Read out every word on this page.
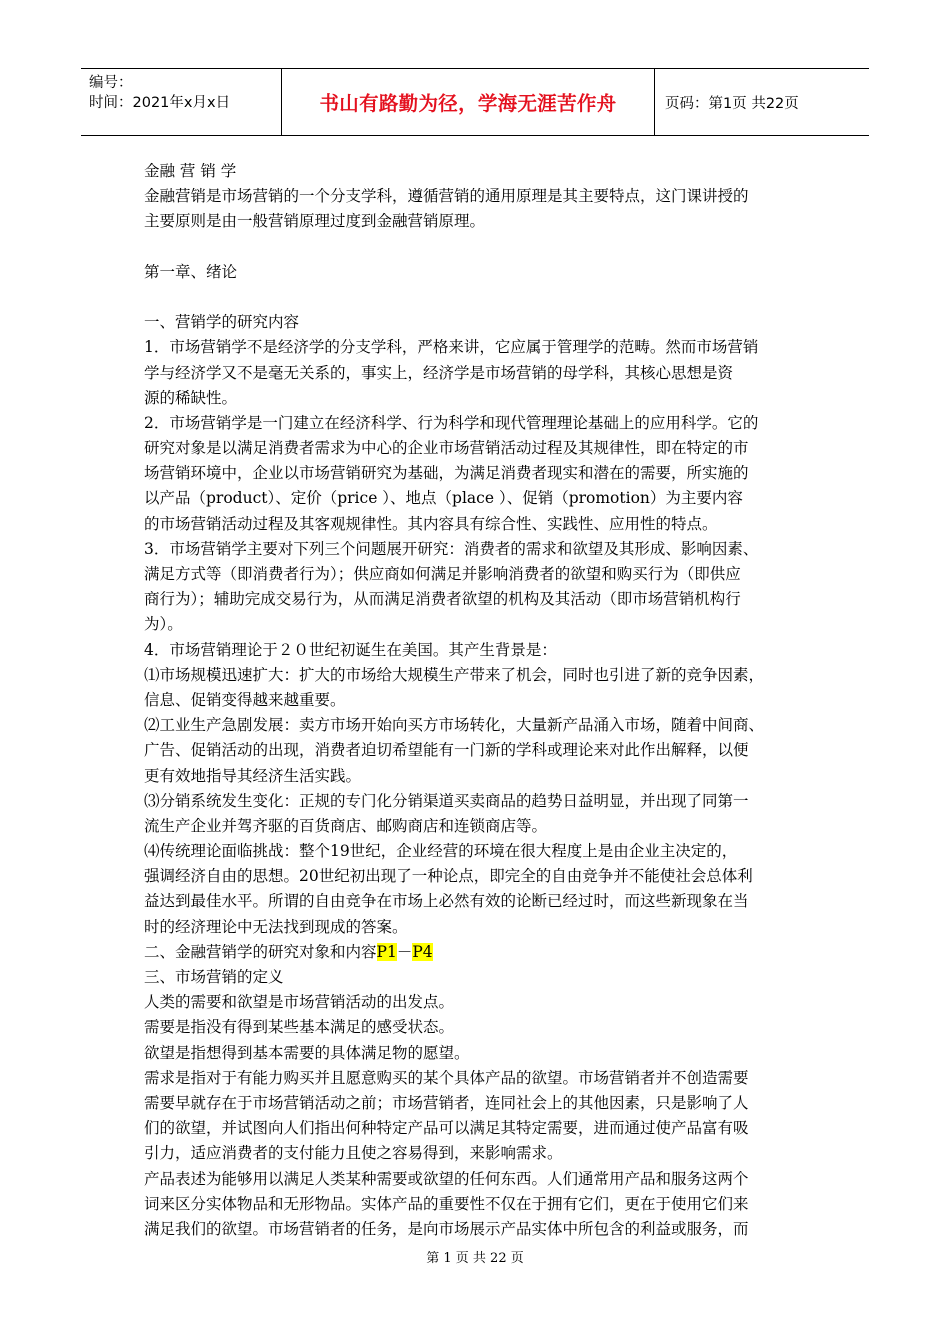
编号：
时间：2021年x月x日	书山有路勤为径，学海无涯苦作舟	页码：第1页 共22页
金融 营 销 学
金融营销是市场营销的一个分支学科，遵循营销的通用原理是其主要特点，这门课讲授的
主要原则是由一般营销原理过度到金融营销原理。
第一章、绪论
一、营销学的研究内容
1．市场营销学不是经济学的分支学科，严格来讲，它应属于管理学的范畴。然而市场营销
学与经济学又不是毫无关系的，事实上，经济学是市场营销的母学科，其核心思想是资
源的稀缺性。
2．市场营销学是一门建立在经济科学、行为科学和现代管理理论基础上的应用科学。它的
研究对象是以满足消费者需求为中心的企业市场营销活动过程及其规律性，即在特定的市
场营销环境中，企业以市场营销研究为基础，为满足消费者现实和潜在的需要，所实施的
以产品（product）、定价（price ）、地点（place ）、促销（promotion）为主要内容
的市场营销活动过程及其客观规律性。其内容具有综合性、实践性、应用性的特点。
3．市场营销学主要对下列三个问题展开研究：消费者的需求和欲望及其形成、影响因素、
满足方式等（即消费者行为）；供应商如何满足并影响消费者的欲望和购买行为（即供应
商行为）；辅助完成交易行为，从而满足消费者欲望的机构及其活动（即市场营销机构行
为）。
4．市场营销理论于２０世纪初诞生在美国。其产生背景是：
⑴市场规模迅速扩大：扩大的市场给大规模生产带来了机会，同时也引进了新的竞争因素，
信息、促销变得越来越重要。
⑵工业生产急剧发展：卖方市场开始向买方市场转化，大量新产品涌入市场，随着中间商、
广告、促销活动的出现，消费者迫切希望能有一门新的学科或理论来对此作出解释，以便
更有效地指导其经济生活实践。
⑶分销系统发生变化：正规的专门化分销渠道买卖商品的趋势日益明显，并出现了同第一
流生产企业并驾齐驱的百货商店、邮购商店和连锁商店等。
⑷传统理论面临挑战：整个19世纪，企业经营的环境在很大程度上是由企业主决定的，
强调经济自由的思想。20世纪初出现了一种论点，即完全的自由竞争并不能使社会总体利
益达到最佳水平。所谓的自由竞争在市场上必然有效的论断已经过时，而这些新现象在当
时的经济理论中无法找到现成的答案。
二、金融营销学的研究对象和内容P1－P4
三、市场营销的定义
人类的需要和欲望是市场营销活动的出发点。
需要是指没有得到某些基本满足的感受状态。
欲望是指想得到基本需要的具体满足物的愿望。
需求是指对于有能力购买并且愿意购买的某个具体产品的欲望。市场营销者并不创造需要
需要早就存在于市场营销活动之前；市场营销者，连同社会上的其他因素，只是影响了人
们的欲望，并试图向人们指出何种特定产品可以满足其特定需要，进而通过使产品富有吸
引力，适应消费者的支付能力且使之容易得到，来影响需求。
产品表述为能够用以满足人类某种需要或欲望的任何东西。人们通常用产品和服务这两个
词来区分实体物品和无形物品。实体产品的重要性不仅在于拥有它们，更在于使用它们来
满足我们的欲望。市场营销者的任务，是向市场展示产品实体中所包含的利益或服务，而
第 1 页 共 22 页
